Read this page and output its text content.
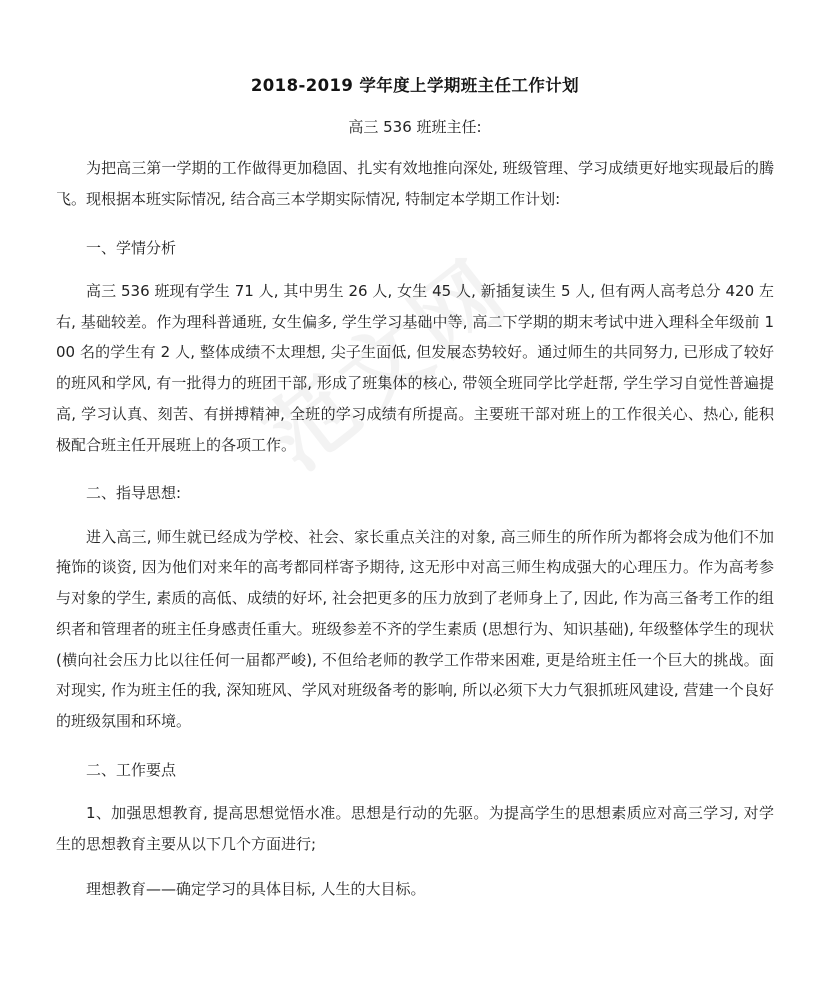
2018-2019 学年度上学期班主任工作计划

高三 536 班班主任:

为把高三第一学期的工作做得更加稳固、扎实有效地推向深处, 班级管理、学习成绩更好地实现最后的腾飞。现根据本班实际情况, 结合高三本学期实际情况, 特制定本学期工作计划:

一、学情分析

高三 536 班现有学生 71 人, 其中男生 26 人, 女生 45 人, 新插复读生 5 人, 但有两人高考总分 420 左右, 基础较差。作为理科普通班, 女生偏多, 学生学习基础中等, 高二下学期的期末考试中进入理科全年级前 100 名的学生有 2 人, 整体成绩不太理想, 尖子生面低, 但发展态势较好。通过师生的共同努力, 已形成了较好的班风和学风, 有一批得力的班团干部, 形成了班集体的核心, 带领全班同学比学赶帮, 学生学习自觉性普遍提高, 学习认真、刻苦、有拼搏精神, 全班的学习成绩有所提高。主要班干部对班上的工作很关心、热心, 能积极配合班主任开展班上的各项工作。

二、指导思想:

进入高三, 师生就已经成为学校、社会、家长重点关注的对象, 高三师生的所作所为都将会成为他们不加掩饰的谈资, 因为他们对来年的高考都同样寄予期待, 这无形中对高三师生构成强大的心理压力。作为高考参与对象的学生, 素质的高低、成绩的好坏, 社会把更多的压力放到了老师身上了, 因此, 作为高三备考工作的组织者和管理者的班主任身感责任重大。班级参差不齐的学生素质 (思想行为、知识基础), 年级整体学生的现状 (横向社会压力比以往任何一届都严峻), 不但给老师的教学工作带来困难, 更是给班主任一个巨大的挑战。面对现实, 作为班主任的我, 深知班风、学风对班级备考的影响, 所以必须下大力气狠抓班风建设, 营建一个良好的班级氛围和环境。

二、工作要点

1、加强思想教育, 提高思想觉悟水准。思想是行动的先驱。为提高学生的思想素质应对高三学习, 对学生的思想教育主要从以下几个方面进行;

理想教育——确定学习的具体目标, 人生的大目标。
